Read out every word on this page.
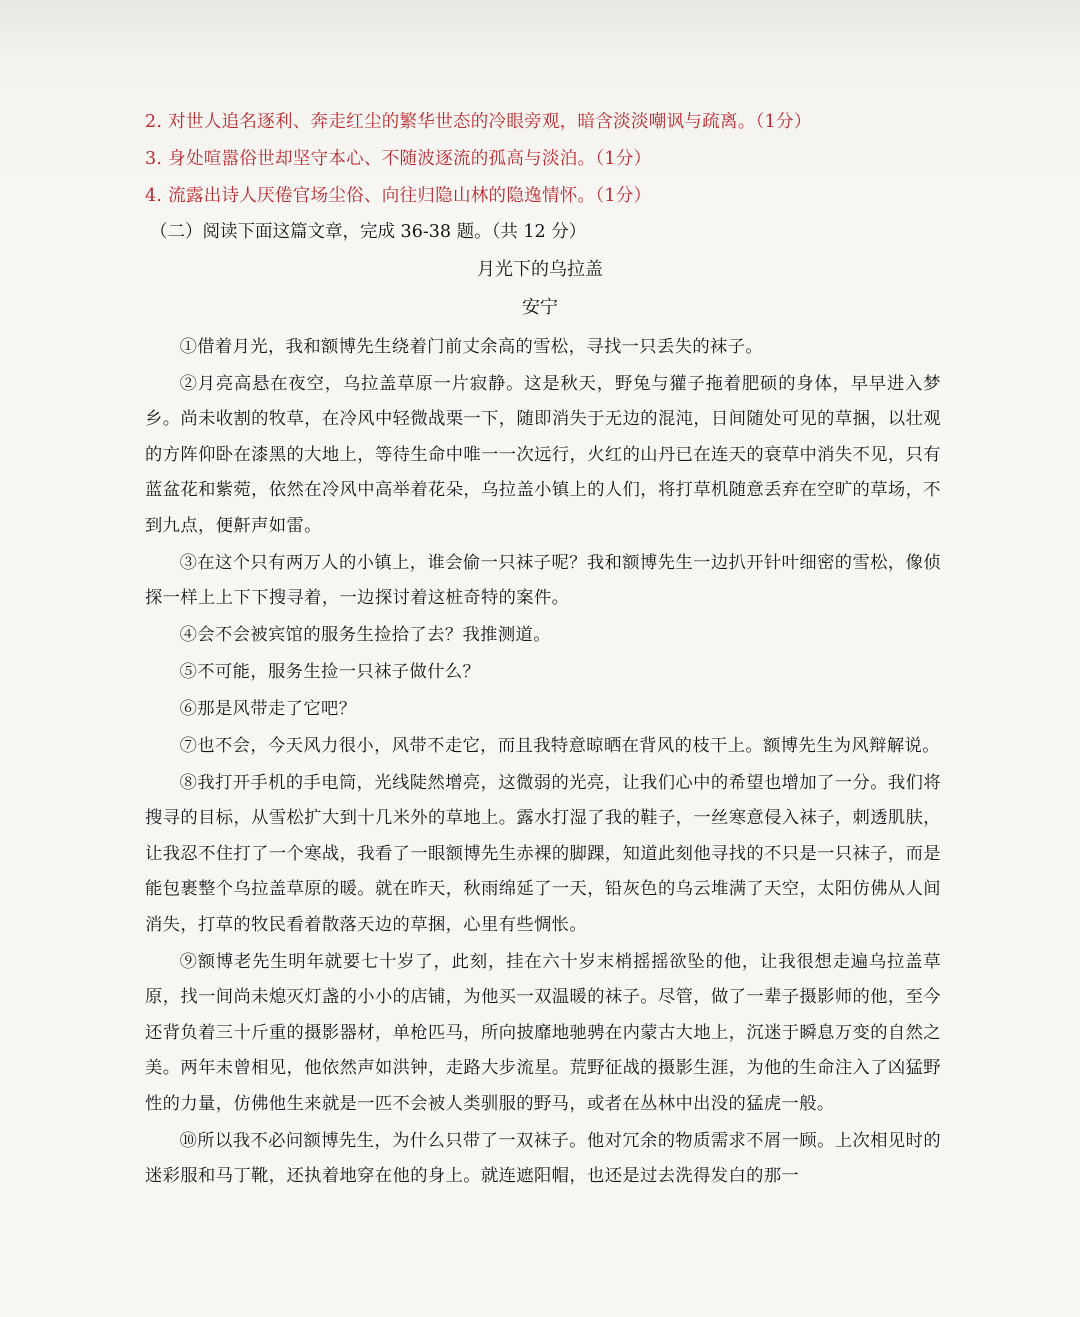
2. 对世人追名逐利、奔走红尘的繁华世态的冷眼旁观，暗含淡淡嘲讽与疏离。（1分）
3. 身处喧嚣俗世却坚守本心、不随波逐流的孤高与淡泊。（1分）
4. 流露出诗人厌倦官场尘俗、向往归隐山林的隐逸情怀。（1分）
（二）阅读下面这篇文章，完成 36-38 题。（共 12 分）
月光下的乌拉盖
安宁

①借着月光，我和额博先生绕着门前丈余高的雪松，寻找一只丢失的袜子。

②月亮高悬在夜空，乌拉盖草原一片寂静。这是秋天，野兔与獾子拖着肥硕的身体，早早进入梦乡。尚未收割的牧草，在冷风中轻微战栗一下，随即消失于无边的混沌，日间随处可见的草捆，以壮观的方阵仰卧在漆黑的大地上，等待生命中唯一一次远行，火红的山丹已在连天的衰草中消失不见，只有蓝盆花和紫菀，依然在冷风中高举着花朵，乌拉盖小镇上的人们，将打草机随意丢弃在空旷的草场，不到九点，便鼾声如雷。

③在这个只有两万人的小镇上，谁会偷一只袜子呢？我和额博先生一边扒开针叶细密的雪松，像侦探一样上上下下搜寻着，一边探讨着这桩奇特的案件。

④会不会被宾馆的服务生捡拾了去？我推测道。

⑤不可能，服务生捡一只袜子做什么？

⑥那是风带走了它吧？

⑦也不会，今天风力很小，风带不走它，而且我特意晾晒在背风的枝干上。额博先生为风辩解说。

⑧我打开手机的手电筒，光线陡然增亮，这微弱的光亮，让我们心中的希望也增加了一分。我们将搜寻的目标，从雪松扩大到十几米外的草地上。露水打湿了我的鞋子，一丝寒意侵入袜子，刺透肌肤，让我忍不住打了一个寒战，我看了一眼额博先生赤裸的脚踝，知道此刻他寻找的不只是一只袜子，而是能包裹整个乌拉盖草原的暖。就在昨天，秋雨绵延了一天，铅灰色的乌云堆满了天空，太阳仿佛从人间消失，打草的牧民看着散落天边的草捆，心里有些惆怅。

⑨额博老先生明年就要七十岁了，此刻，挂在六十岁末梢摇摇欲坠的他，让我很想走遍乌拉盖草原，找一间尚未熄灭灯盏的小小的店铺，为他买一双温暖的袜子。尽管，做了一辈子摄影师的他，至今还背负着三十斤重的摄影器材，单枪匹马，所向披靡地驰骋在内蒙古大地上，沉迷于瞬息万变的自然之美。两年未曾相见，他依然声如洪钟，走路大步流星。荒野征战的摄影生涯，为他的生命注入了凶猛野性的力量，仿佛他生来就是一匹不会被人类驯服的野马，或者在丛林中出没的猛虎一般。

⑩所以我不必问额博先生，为什么只带了一双袜子。他对冗余的物质需求不屑一顾。上次相见时的迷彩服和马丁靴，还执着地穿在他的身上。就连遮阳帽，也还是过去洗得发白的那一
